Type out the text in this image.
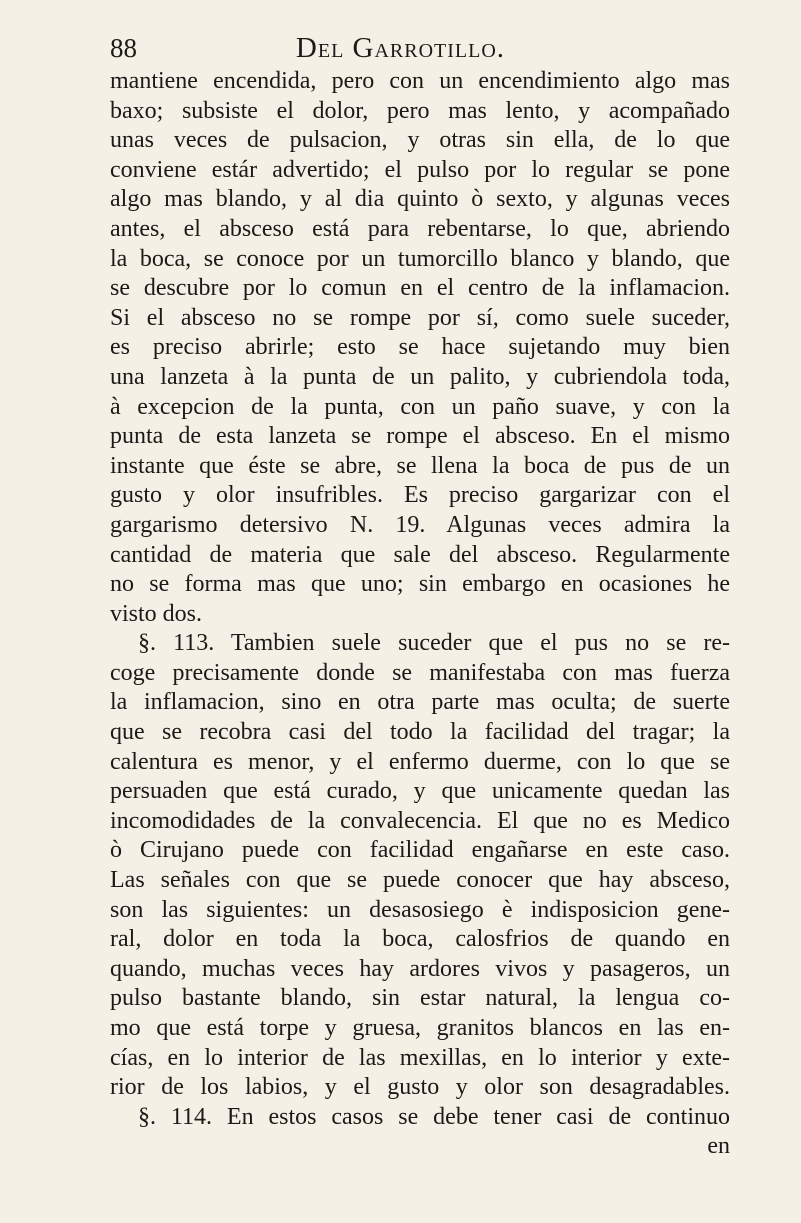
88	Del Garrotillo.
mantiene encendida, pero con un encendimiento algo mas
baxo; subsiste el dolor, pero mas lento, y acompañado
unas veces de pulsacion, y otras sin ella, de lo que
conviene estár advertido; el pulso por lo regular se pone
algo mas blando, y al dia quinto ò sexto, y algunas veces
antes, el absceso está para rebentarse, lo que, abriendo
la boca, se conoce por un tumorcillo blanco y blando, que
se descubre por lo comun en el centro de la inflamacion.
Si el absceso no se rompe por sí, como suele suceder,
es preciso abrirle; esto se hace sujetando muy bien
una lanzeta à la punta de un palito, y cubriendola toda,
à excepcion de la punta, con un paño suave, y con la
punta de esta lanzeta se rompe el absceso. En el mismo
instante que éste se abre, se llena la boca de pus de un
gusto y olor insufribles. Es preciso gargarizar con el
gargarismo detersivo N. 19. Algunas veces admira la
cantidad de materia que sale del absceso. Regularmente
no se forma mas que uno; sin embargo en ocasiones he
visto dos.
§. 113. Tambien suele suceder que el pus no se re-
coge precisamente donde se manifestaba con mas fuerza
la inflamacion, sino en otra parte mas oculta; de suerte
que se recobra casi del todo la facilidad del tragar; la
calentura es menor, y el enfermo duerme, con lo que se
persuaden que está curado, y que unicamente quedan las
incomodidades de la convalecencia. El que no es Medico
ò Cirujano puede con facilidad engañarse en este caso.
Las señales con que se puede conocer que hay absceso,
son las siguientes: un desasosiego è indisposicion gene-
ral, dolor en toda la boca, calosfrios de quando en
quando, muchas veces hay ardores vivos y pasageros, un
pulso bastante blando, sin estar natural, la lengua co-
mo que está torpe y gruesa, granitos blancos en las en-
cías, en lo interior de las mexillas, en lo interior y exte-
rior de los labios, y el gusto y olor son desagradables.
§. 114. En estos casos se debe tener casi de continuo
en
